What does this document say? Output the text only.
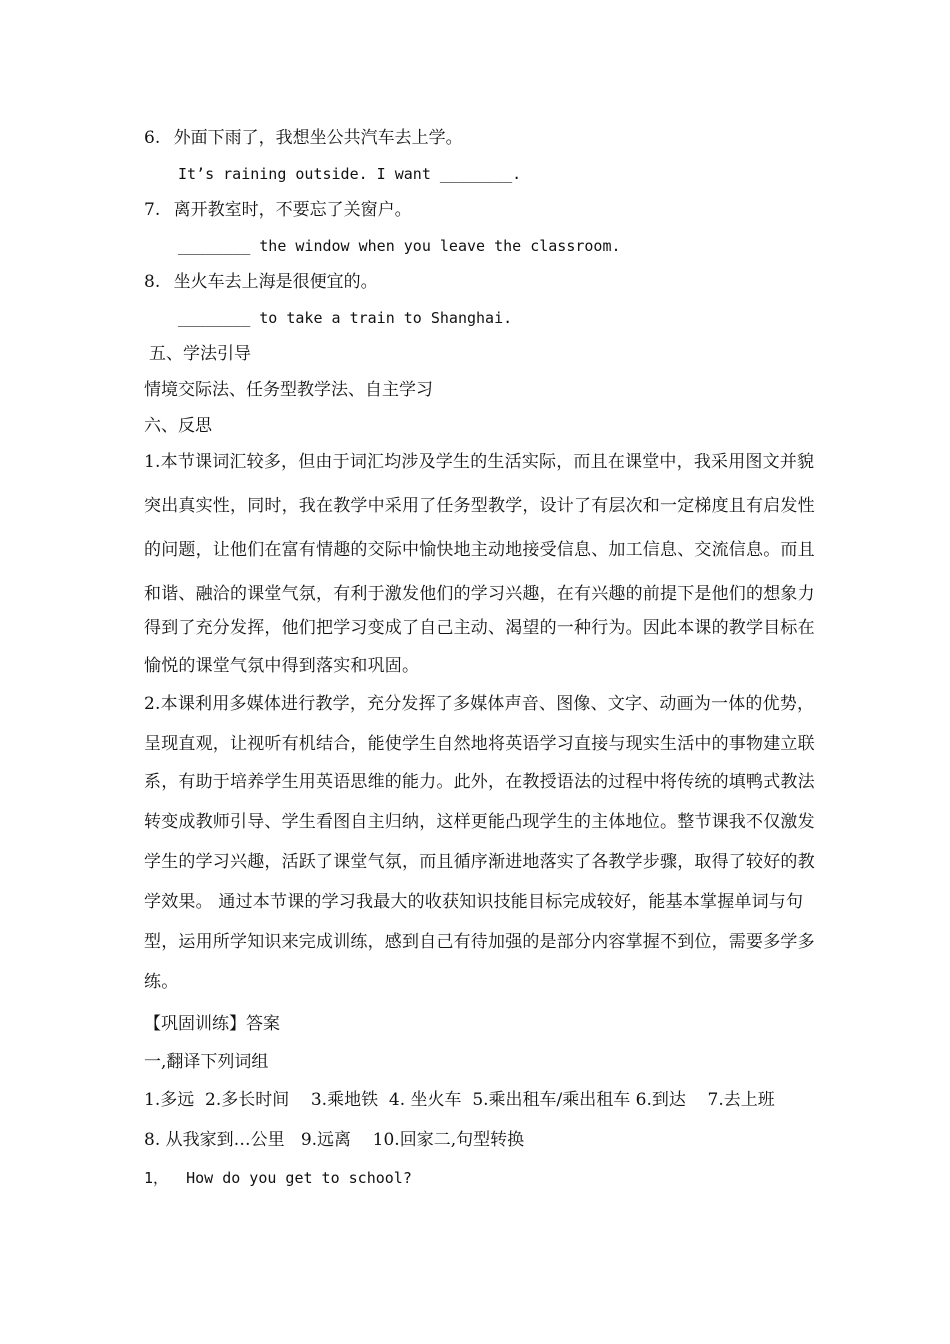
6. 外面下雨了，我想坐公共汽车去上学。
It’s raining outside. I want ________.
7. 离开教室时，不要忘了关窗户。
________ the window when you leave the classroom.
8. 坐火车去上海是很便宜的。
________ to take a train to Shanghai.
五、学法引导
情境交际法、任务型教学法、自主学习
六、反思
1.本节课词汇较多，但由于词汇均涉及学生的生活实际，而且在课堂中，我采用图文并貌
突出真实性，同时，我在教学中采用了任务型教学，设计了有层次和一定梯度且有启发性
的问题，让他们在富有情趣的交际中愉快地主动地接受信息、加工信息、交流信息。而且
和谐、融洽的课堂气氛，有利于激发他们的学习兴趣，在有兴趣的前提下是他们的想象力
得到了充分发挥，他们把学习变成了自己主动、渴望的一种行为。因此本课的教学目标在
愉悦的课堂气氛中得到落实和巩固。
2.本课利用多媒体进行教学，充分发挥了多媒体声音、图像、文字、动画为一体的优势，
呈现直观，让视听有机结合，能使学生自然地将英语学习直接与现实生活中的事物建立联
系，有助于培养学生用英语思维的能力。此外，在教授语法的过程中将传统的填鸭式教法
转变成教师引导、学生看图自主归纳，这样更能凸现学生的主体地位。整节课我不仅激发
学生的学习兴趣，活跃了课堂气氛，而且循序渐进地落实了各教学步骤，取得了较好的教
学效果。 通过本节课的学习我最大的收获知识技能目标完成较好，能基本掌握单词与句
型，运用所学知识来完成训练，感到自己有待加强的是部分内容掌握不到位，需要多学多
练。
【巩固训练】答案
一,翻译下列词组
1.多远  2.多长时间    3.乘地铁  4. 坐火车  5.乘出租车/乘出租车 6.到达    7.去上班
8. 从我家到…公里   9.远离    10.回家二,句型转换
1，  How do you get to school?
